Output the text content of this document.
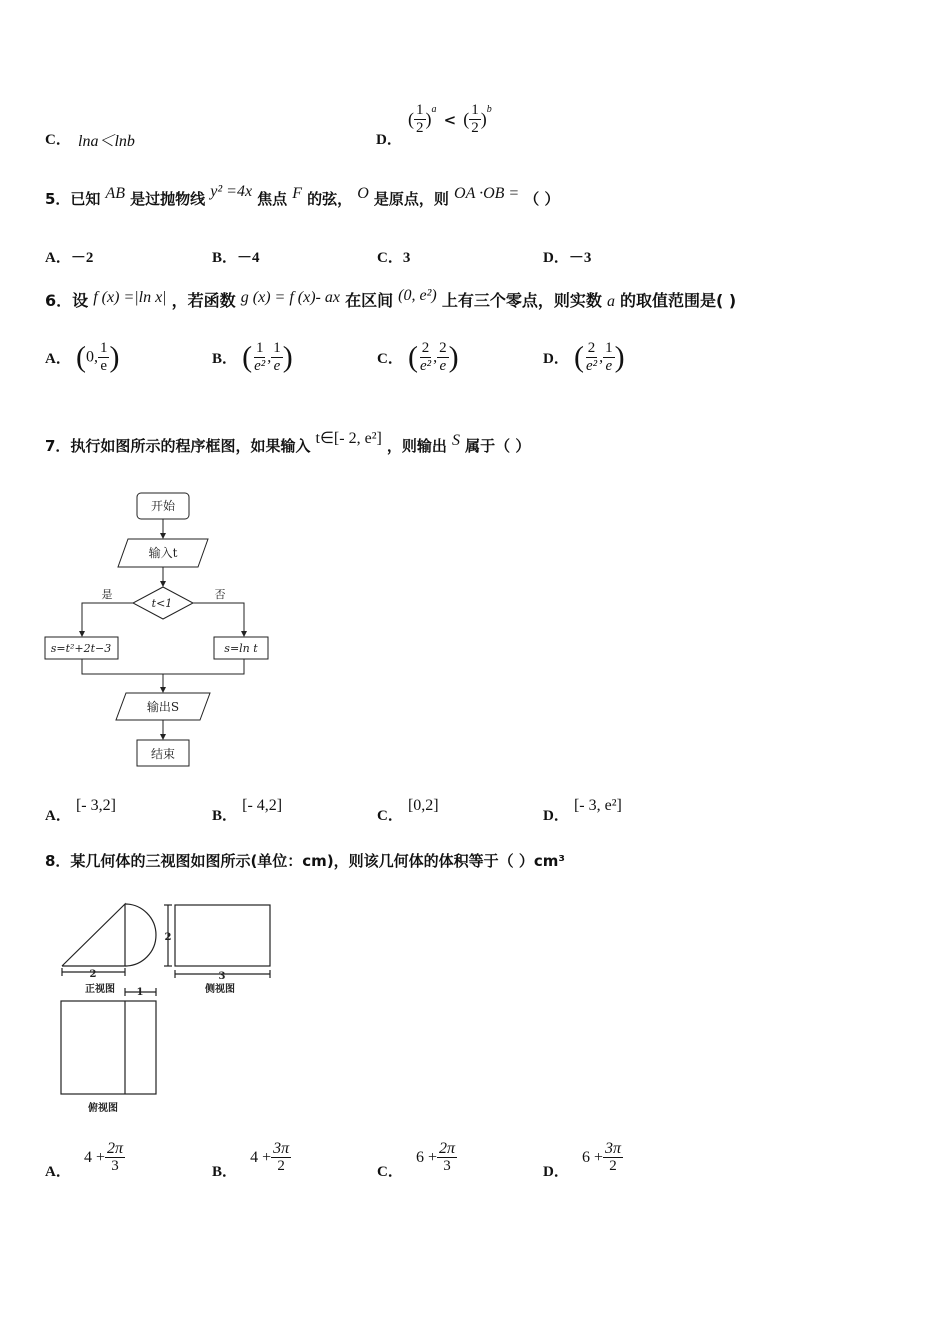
C． lna＜lnb	D．
( $\frac{1}{2} )^a$ < ( $\frac{1}{2} )^b$
5．已知 AB 是过抛物线 y² =4x 焦点 F 的弦， O 是原点，则 OA ·OB = （ ）
A．－2	B．－4	C．3	D．－3
6．设 f (x) =|ln x| ，若函数 g (x) = f (x)- ax 在区间 (0, e²) 上有三个零点，则实数 a 的取值范围是( )
A． (0, $\frac{1}{e}$ )	B． ( $\frac{1}{\text{e²}}$ , $\frac{1}{e}$ )	C． ( $\frac{2}{\text{e²}}$ , $\frac{2}{e}$ )	D． ( $\frac{2}{\text{e²}}$ , $\frac{1}{e}$ )
7．执行如图所示的程序框图，如果输入 t∈[- 2, e²] ，则输出 S 属于（ ）
开始
输入t
t<1
是	否
s=t²+2t−3	s=ln t
输出S
结束
A． [- 3,2]
B． [- 4,2]
C． [0,2]
D． [- 3, e²]
8．某几何体的三视图如图所示(单位：cm)，则该几何体的体积等于（ ）cm³
2
2
3
1
正视图	侧视图
俯视图
A． $4 + \frac{2\pi}{3}$	B． $4 + \frac{3\pi}{2}$	C． $6 + \frac{2\pi}{3}$	D． $6 + \frac{3\pi}{2}$
